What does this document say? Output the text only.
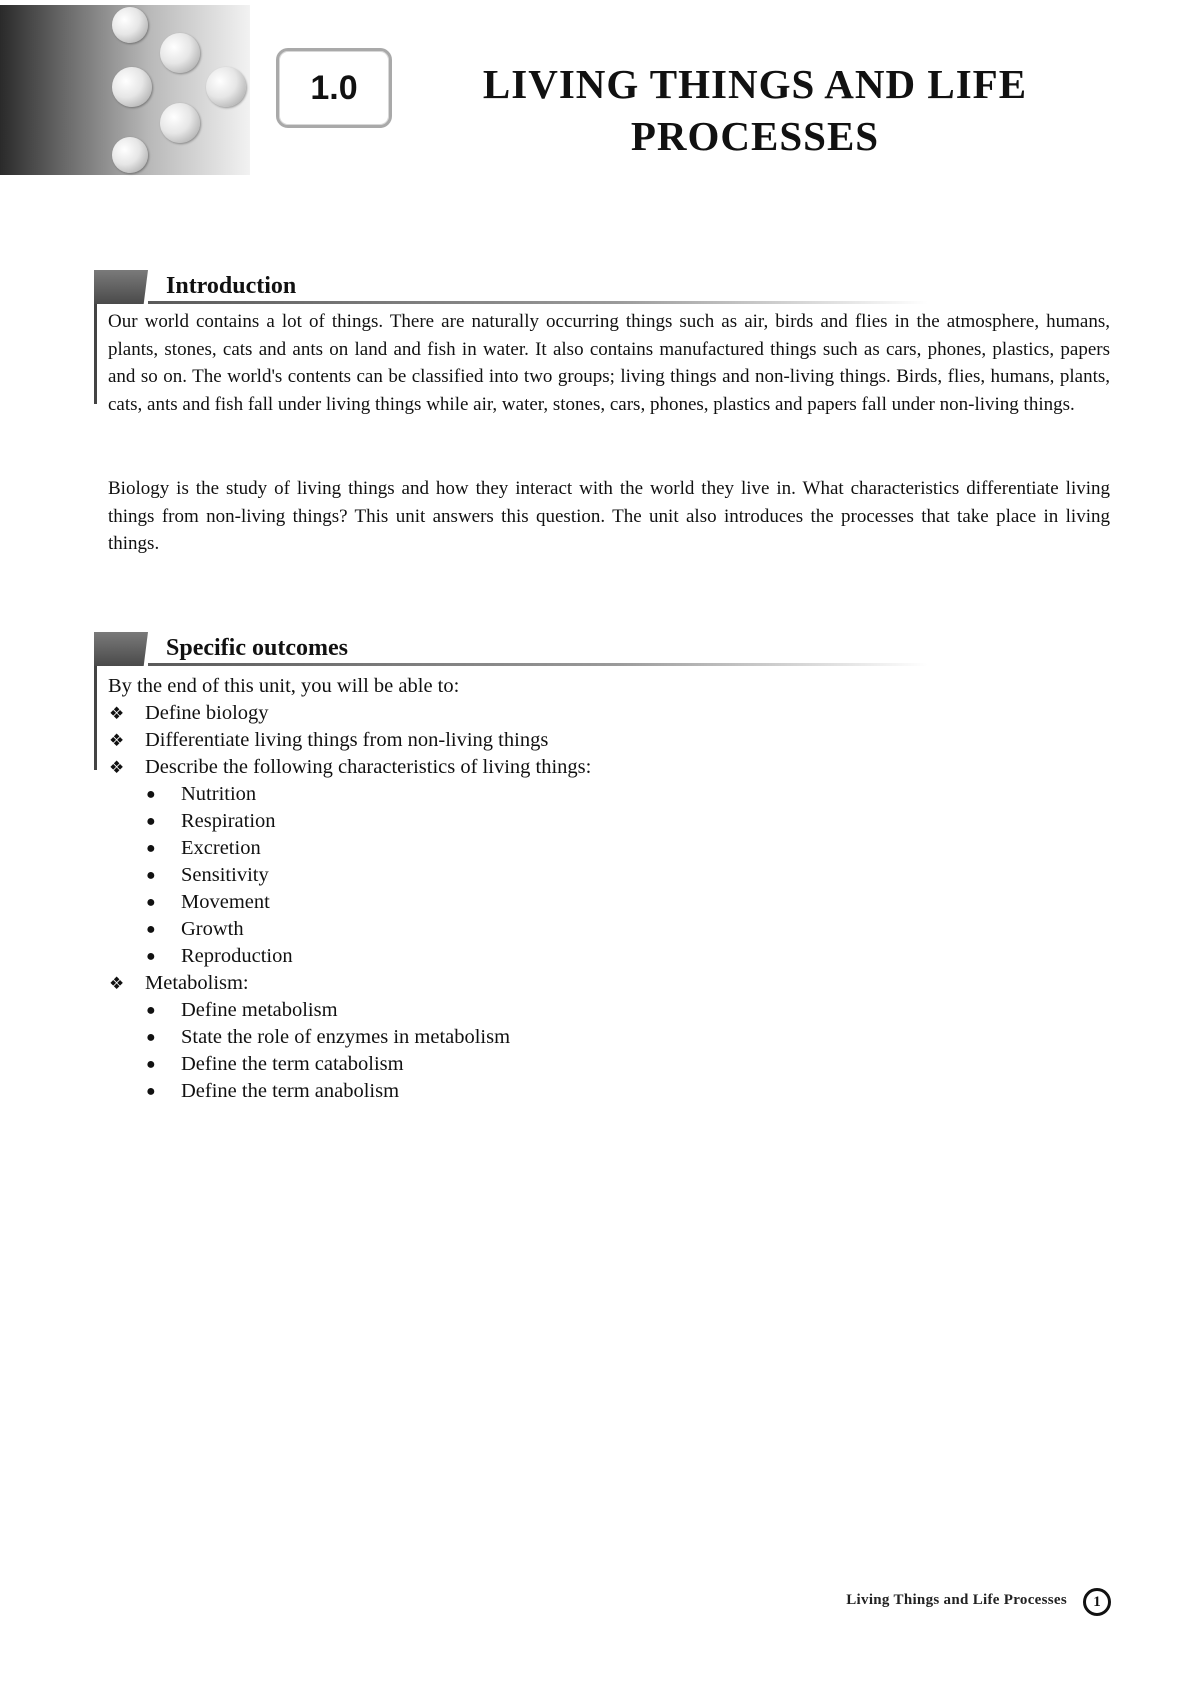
1.0	LIVING THINGS AND LIFE
PROCESSES
Introduction

Our world contains a lot of things. There are naturally occurring things such as air, birds and flies in the atmosphere, humans, plants, stones, cats and ants on land and fish in water. It also contains manufactured things such as cars, phones, plastics, papers and so on. The world's contents can be classified into two groups; living things and non-living things. Birds, flies, humans, plants, cats, ants and fish fall under living things while air, water, stones, cars, phones, plastics and papers fall under non-living things.

Biology is the study of living things and how they interact with the world they live in. What characteristics differentiate living things from non-living things? This unit answers this question. The unit also introduces the processes that take place in living things.

Specific outcomes
By the end of this unit, you will be able to:
❖ Define biology
❖ Differentiate living things from non-living things
❖ Describe the following characteristics of living things:
● Nutrition
● Respiration
● Excretion
● Sensitivity
● Movement
● Growth
● Reproduction
❖ Metabolism:
● Define metabolism
● State the role of enzymes in metabolism
● Define the term catabolism
● Define the term anabolism
Living Things and Life Processes 1
